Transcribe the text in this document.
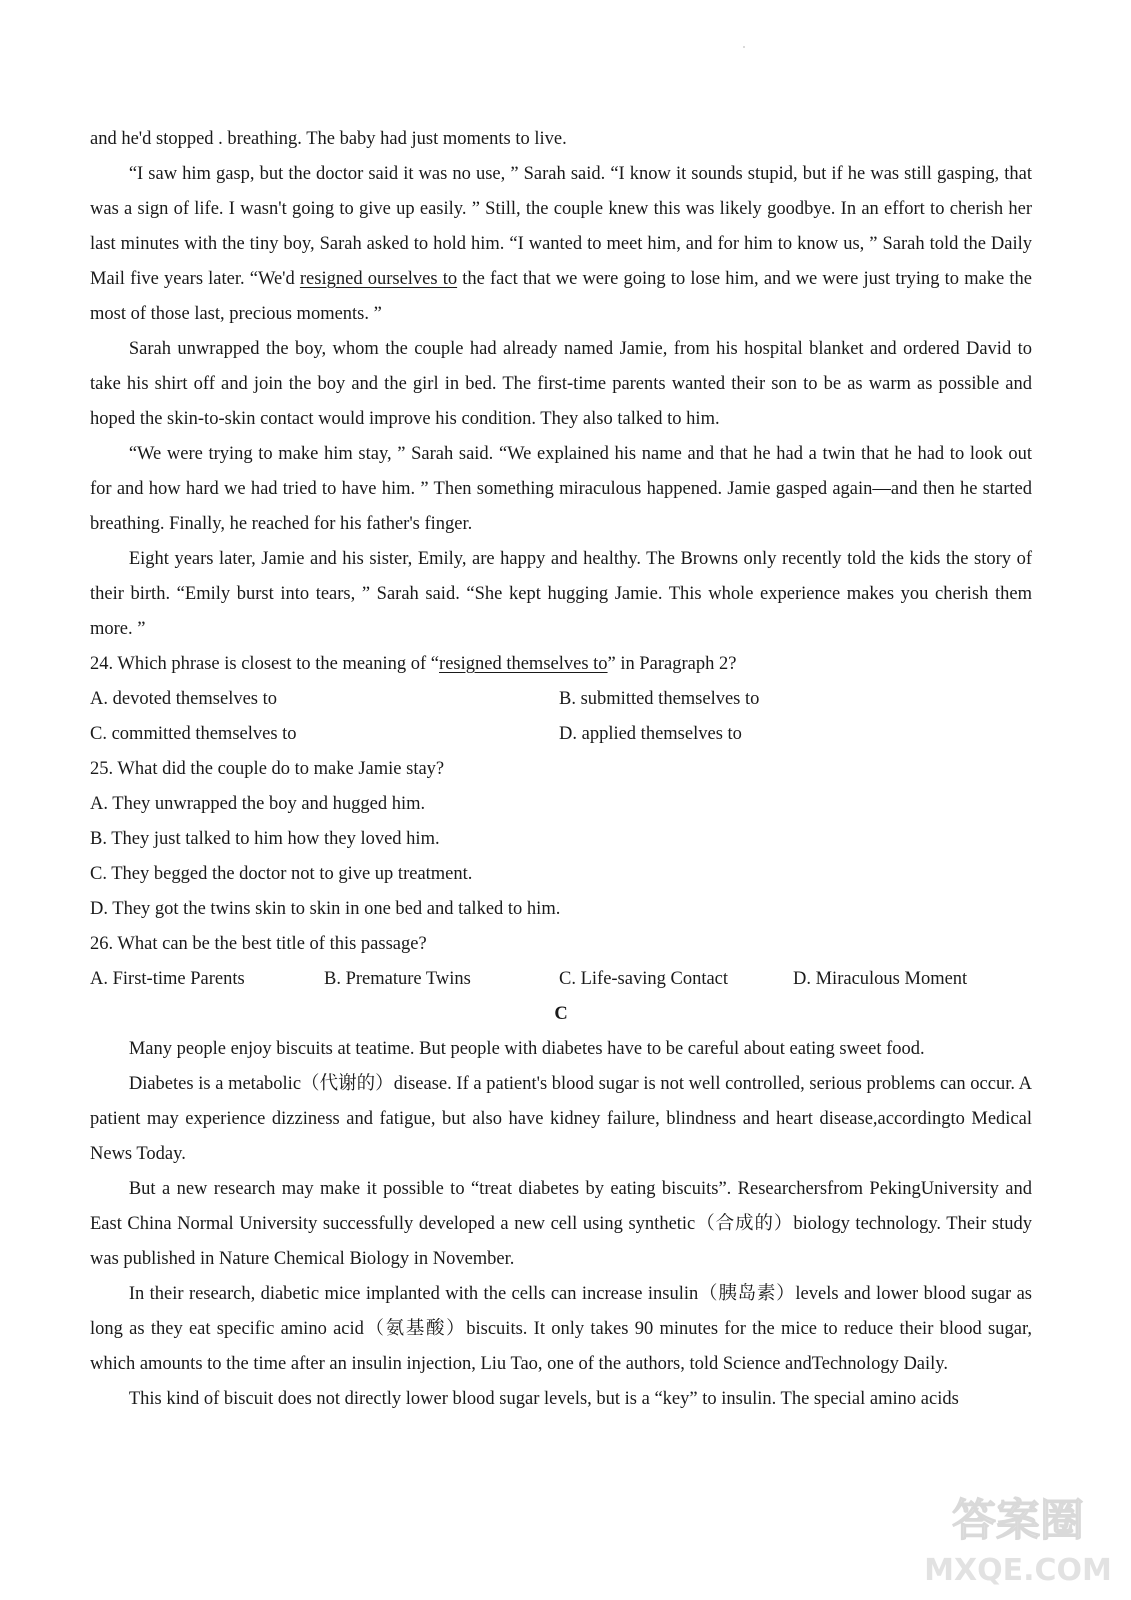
and he'd stopped . breathing. The baby had just moments to live.

“I saw him gasp, but the doctor said it was no use, ” Sarah said. “I know it sounds stupid, but if he was still gasping, that was a sign of life. I wasn't going to give up easily. ” Still, the couple knew this was likely goodbye. In an effort to cherish her last minutes with the tiny boy, Sarah asked to hold him. “I wanted to meet him, and for him to know us, ” Sarah told the Daily Mail five years later. “We'd resigned ourselves to the fact that we were going to lose him, and we were just trying to make the most of those last, precious moments. ”

Sarah unwrapped the boy, whom the couple had already named Jamie, from his hospital blanket and ordered David to take his shirt off and join the boy and the girl in bed. The first-time parents wanted their son to be as warm as possible and hoped the skin-to-skin contact would improve his condition. They also talked to him.

“We were trying to make him stay, ” Sarah said. “We explained his name and that he had a twin that he had to look out for and how hard we had tried to have him. ” Then something miraculous happened. Jamie gasped again—and then he started breathing. Finally, he reached for his father's finger.

Eight years later, Jamie and his sister, Emily, are happy and healthy. The Browns only recently told the kids the story of their birth. “Emily burst into tears, ” Sarah said. “She kept hugging Jamie. This whole experience makes you cherish them more. ”

24. Which phrase is closest to the meaning of “resigned themselves to” in Paragraph 2?

A. devoted themselves to	B. submitted themselves to
C. committed themselves to	D. applied themselves to

25. What did the couple do to make Jamie stay?

A. They unwrapped the boy and hugged him.

B. They just talked to him how they loved him.

C. They begged the doctor not to give up treatment.

D. They got the twins skin to skin in one bed and talked to him.

26. What can be the best title of this passage?

A. First-time Parents	B. Premature Twins	C. Life-saving Contact	D. Miraculous Moment

C

Many people enjoy biscuits at teatime. But people with diabetes have to be careful about eating sweet food.

Diabetes is a metabolic（代谢的）disease. If a patient's blood sugar is not well controlled, serious problems can occur. A patient may experience dizziness and fatigue, but also have kidney failure, blindness and heart disease,accordingto Medical News Today.

But a new research may make it possible to “treat diabetes by eating biscuits”. Researchersfrom PekingUniversity and East China Normal University successfully developed a new cell using synthetic（合成的）biology technology. Their study was published in Nature Chemical Biology in November.

In their research, diabetic mice implanted with the cells can increase insulin（胰岛素）levels and lower blood sugar as long as they eat specific amino acid（氨基酸）biscuits. It only takes 90 minutes for the mice to reduce their blood sugar, which amounts to the time after an insulin injection, Liu Tao, one of the authors, told Science andTechnology Daily.

This kind of biscuit does not directly lower blood sugar levels, but is a “key” to insulin. The special amino acids

答案圈
MXQE.COM
